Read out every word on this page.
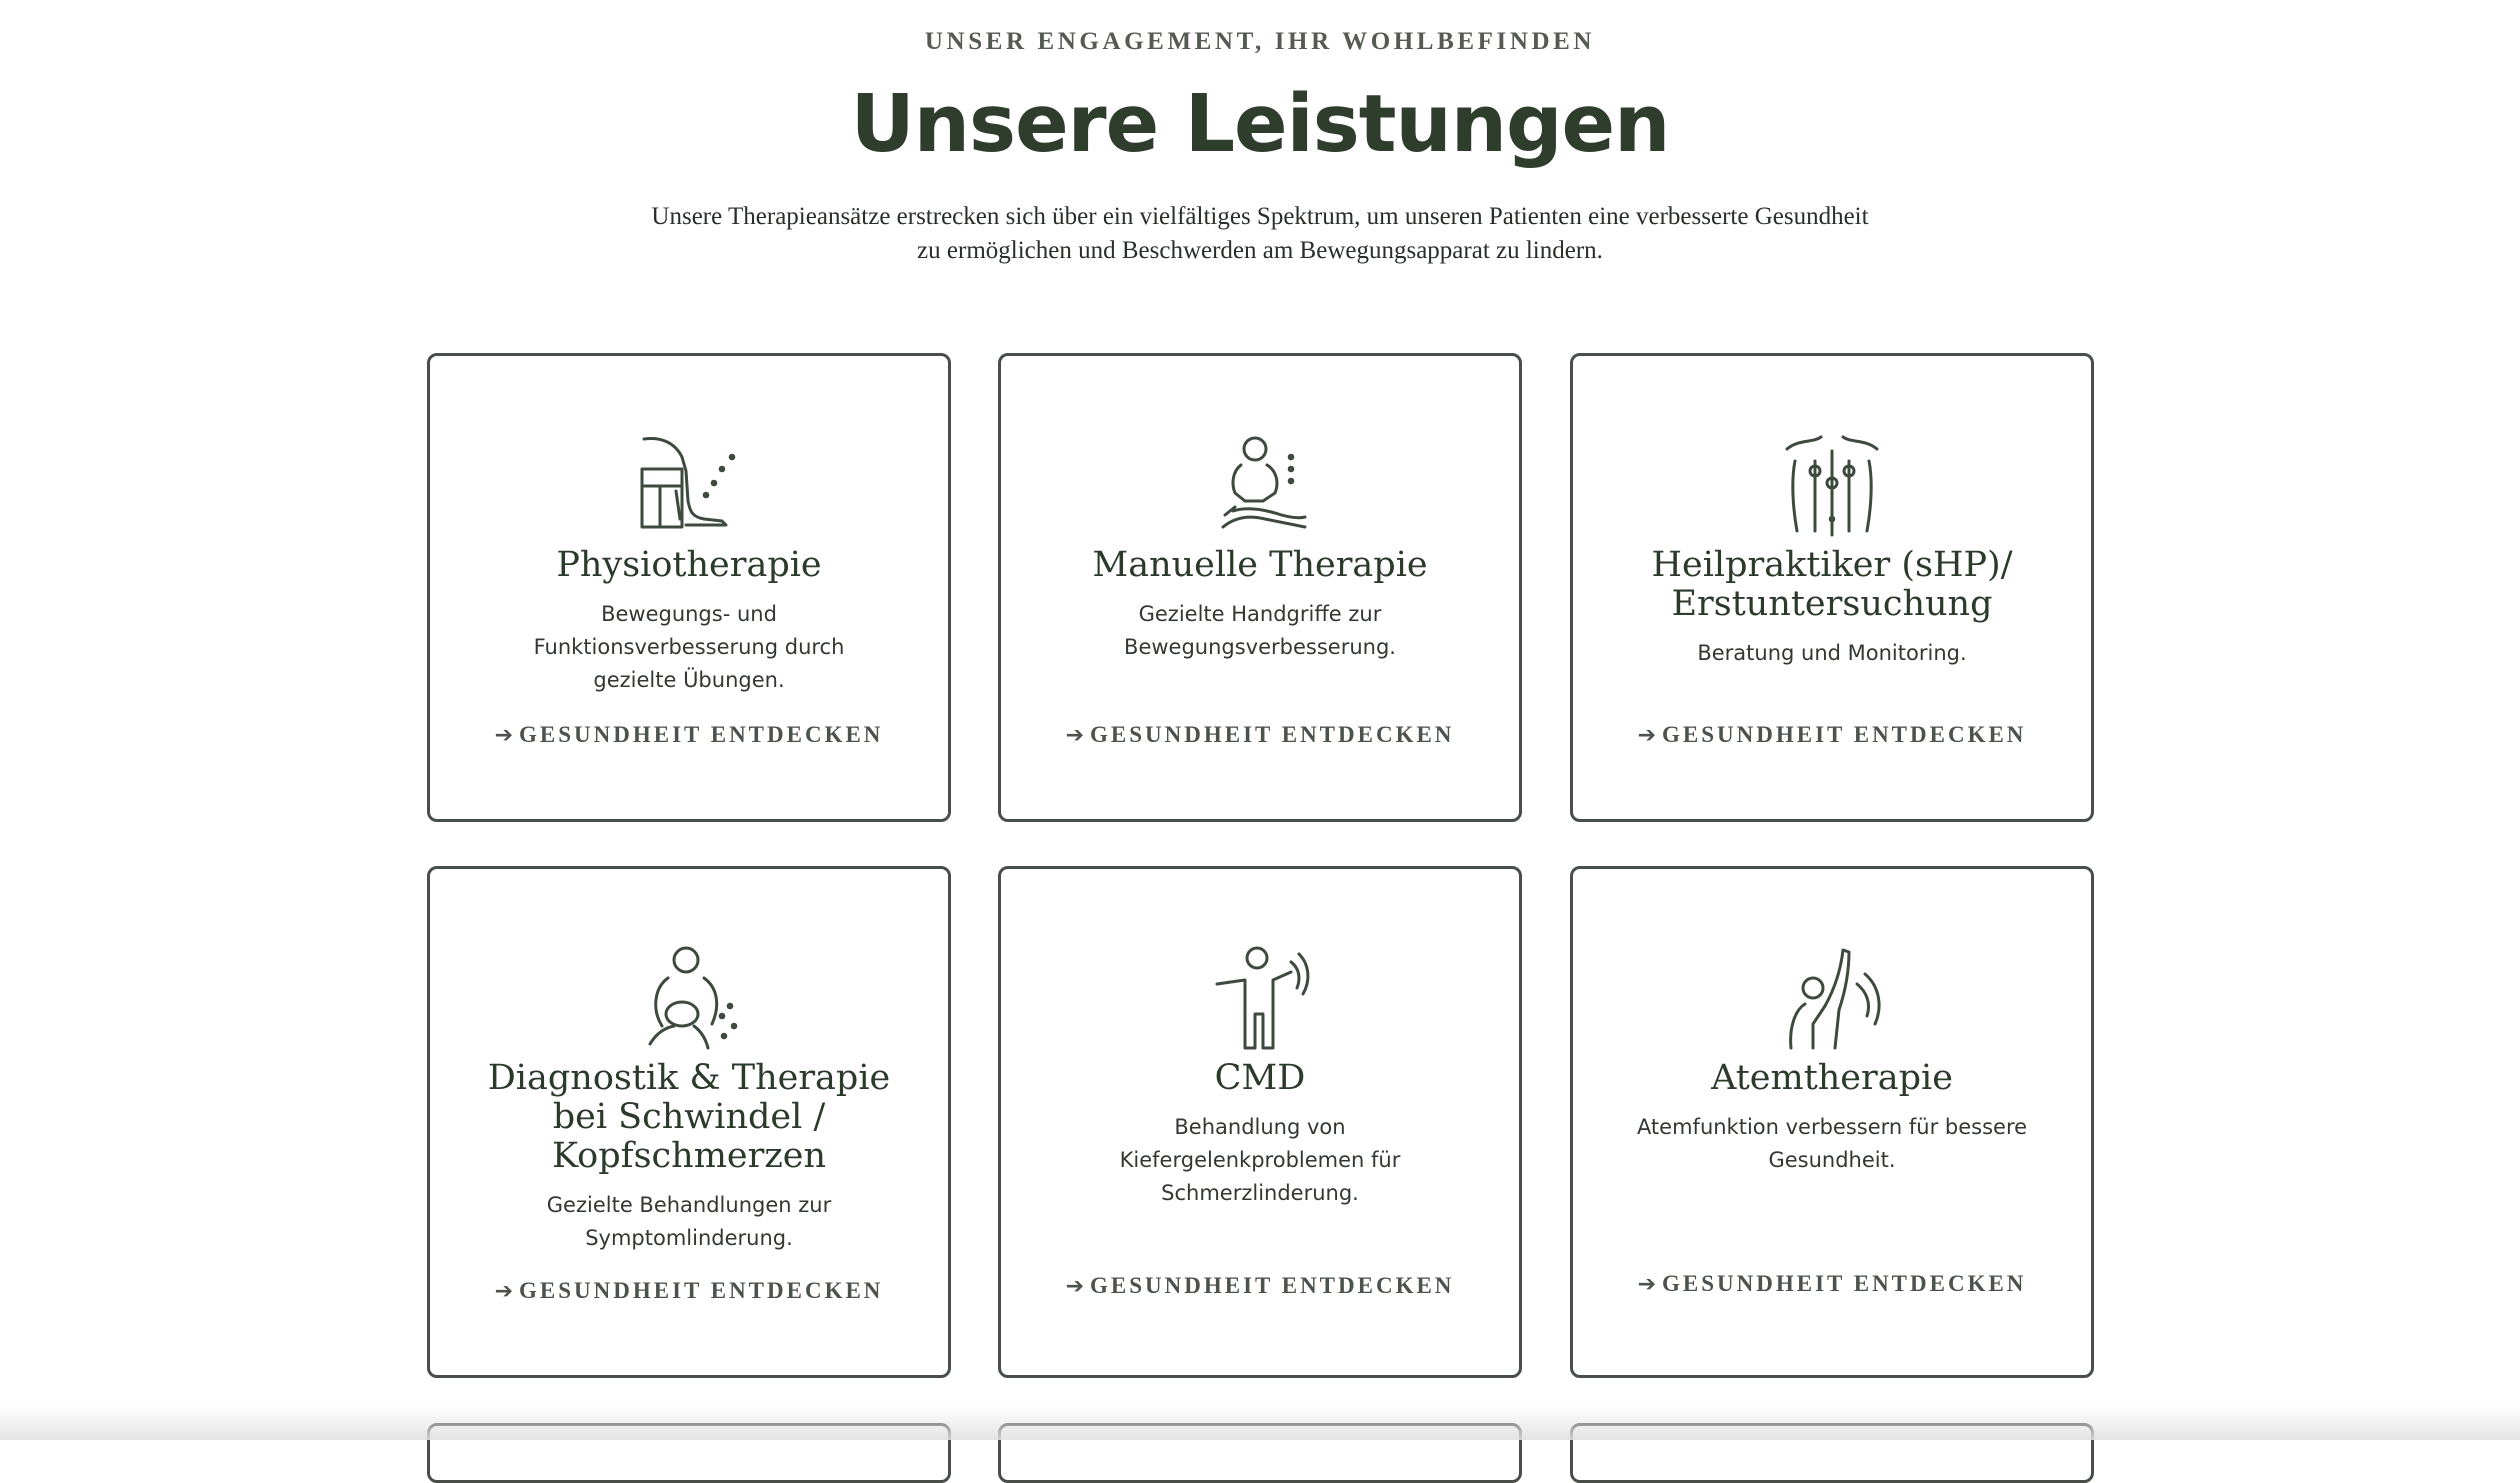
UNSER ENGAGEMENT, IHR WOHLBEFINDEN
Unsere Leistungen
Unsere Therapieansätze erstrecken sich über ein vielfältiges Spektrum, um unseren Patienten eine verbesserte Gesundheit zu ermöglichen und Beschwerden am Bewegungsapparat zu lindern.
Physiotherapie
Bewegungs- und Funktionsverbesserung durch gezielte Übungen.
➔ GESUNDHEIT ENTDECKEN
Manuelle Therapie
Gezielte Handgriffe zur Bewegungsverbesserung.
➔ GESUNDHEIT ENTDECKEN
Heilpraktiker (sHP)/ Erstuntersuchung
Beratung und Monitoring.
➔ GESUNDHEIT ENTDECKEN
Diagnostik & Therapie bei Schwindel / Kopfschmerzen
Gezielte Behandlungen zur Symptomlinderung.
➔ GESUNDHEIT ENTDECKEN
CMD
Behandlung von Kiefergelenkproblemen für Schmerzlinderung.
➔ GESUNDHEIT ENTDECKEN
Atemtherapie
Atemfunktion verbessern für bessere Gesundheit.
➔ GESUNDHEIT ENTDECKEN
